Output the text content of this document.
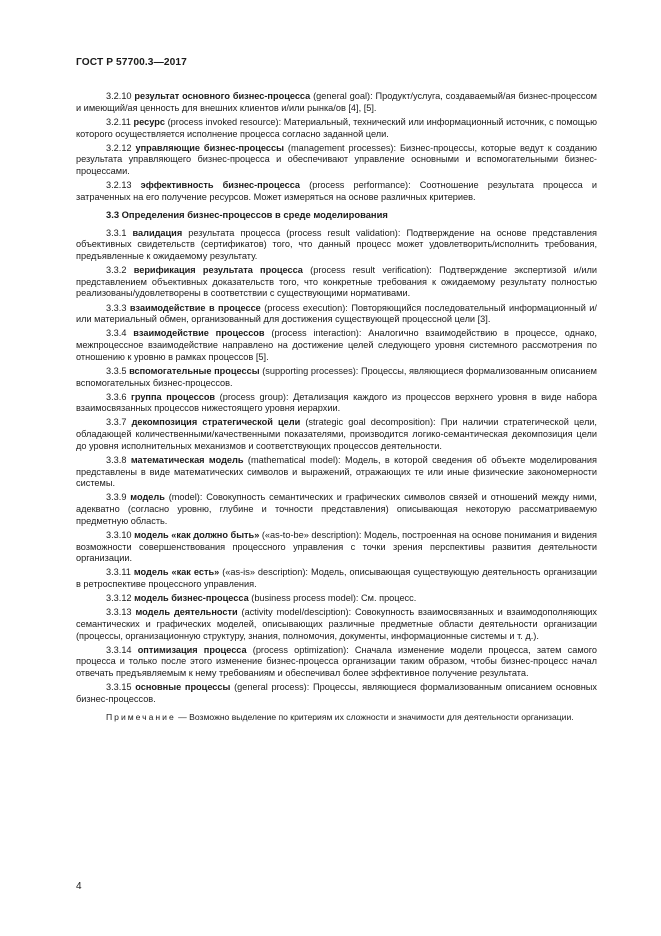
ГОСТ Р 57700.3—2017
3.2.10 результат основного бизнес-процесса (general goal): Продукт/услуга, создаваемый/ая бизнес-процессом и имеющий/ая ценность для внешних клиентов и/или рынка/ов [4], [5].
3.2.11 ресурс (process invoked resource): Материальный, технический или информационный источник, с помощью которого осуществляется исполнение процесса согласно заданной цели.
3.2.12 управляющие бизнес-процессы (management processes): Бизнес-процессы, которые ведут к созданию результата управляющего бизнес-процесса и обеспечивают управление основными и вспомогательными бизнес-процессами.
3.2.13 эффективность бизнес-процесса (process performance): Соотношение результата процесса и затраченных на его получение ресурсов. Может измеряться на основе различных критериев.
3.3 Определения бизнес-процессов в среде моделирования
3.3.1 валидация результата процесса (process result validation): Подтверждение на основе представления объективных свидетельств (сертификатов) того, что данный процесс может удовлетворить/исполнить требования, предъявленные к ожидаемому результату.
3.3.2 верификация результата процесса (process result verification): Подтверждение экспертизой и/или представлением объективных доказательств того, что конкретные требования к ожидаемому результату полностью реализованы/удовлетворены в соответствии с существующими нормативами.
3.3.3 взаимодействие в процессе (process execution): Повторяющийся последовательный информационный и/или материальный обмен, организованный для достижения существующей процессной цели [3].
3.3.4 взаимодействие процессов (process interaction): Аналогично взаимодействию в процессе, однако, межпроцессное взаимодействие направлено на достижение целей следующего уровня системного рассмотрения по отношению к уровню в рамках процессов [5].
3.3.5 вспомогательные процессы (supporting processes): Процессы, являющиеся формализованным описанием вспомогательных бизнес-процессов.
3.3.6 группа процессов (process group): Детализация каждого из процессов верхнего уровня в виде набора взаимосвязанных процессов нижестоящего уровня иерархии.
3.3.7 декомпозиция стратегической цели (strategic goal decomposition): При наличии стратегической цели, обладающей количественными/качественными показателями, производится логико-семантическая декомпозиция цели до уровня исполнительных механизмов и соответствующих процессов деятельности.
3.3.8 математическая модель (mathematical model): Модель, в которой сведения об объекте моделирования представлены в виде математических символов и выражений, отражающих те или иные физические закономерности системы.
3.3.9 модель (model): Совокупность семантических и графических символов связей и отношений между ними, адекватно (согласно уровню, глубине и точности представления) описывающая некоторую рассматриваемую предметную область.
3.3.10 модель «как должно быть» («as-to-be» description): Модель, построенная на основе понимания и видения возможности совершенствования процессного управления с точки зрения перспективы развития деятельности организации.
3.3.11 модель «как есть» («as-is» description): Модель, описывающая существующую деятельность организации в ретроспективе процессного управления.
3.3.12 модель бизнес-процесса (business process model): См. процесс.
3.3.13 модель деятельности (activity model/desciption): Совокупность взаимосвязанных и взаимодополняющих семантических и графических моделей, описывающих различные предметные области деятельности организации (процессы, организационную структуру, знания, полномочия, документы, информационные системы и т. д.).
3.3.14 оптимизация процесса (process optimization): Сначала изменение модели процесса, затем самого процесса и только после этого изменение бизнес-процесса организации таким образом, чтобы бизнес-процесс начал отвечать предъявляемым к нему требованиям и обеспечивал более эффективное получение результата.
3.3.15 основные процессы (general process): Процессы, являющиеся формализованным описанием основных бизнес-процессов.
Примечание — Возможно выделение по критериям их сложности и значимости для деятельности организации.
4
